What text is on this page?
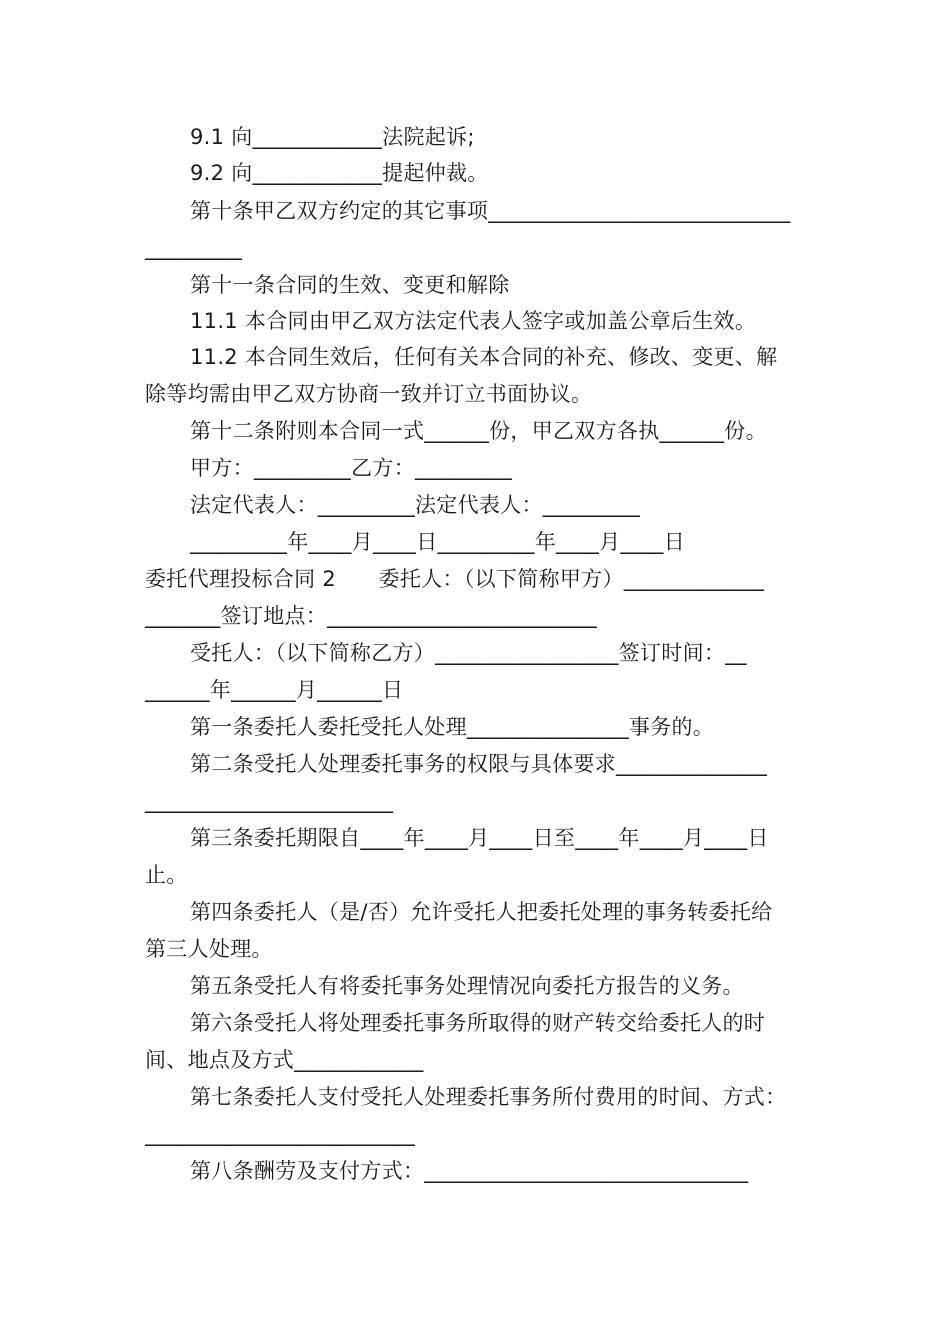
9.1 向____________法院起诉;
9.2 向____________提起仲裁。
第十条甲乙双方约定的其它事项____________________________
_________
第十一条合同的生效、变更和解除
11.1 本合同由甲乙双方法定代表人签字或加盖公章后生效。
11.2 本合同生效后，任何有关本合同的补充、修改、变更、解
除等均需由甲乙双方协商一致并订立书面协议。
第十二条附则本合同一式______份，甲乙双方各执______份。
甲方：_________乙方：_________
法定代表人：_________法定代表人：_________
_________年____月____日_________年____月____日
委托代理投标合同 2　　委托人：（以下简称甲方）_____________
_______签订地点：_________________________
受托人：（以下简称乙方）_________________签订时间：__
______年______月______日
第一条委托人委托受托人处理_______________事务的。
第二条受托人处理委托事务的权限与具体要求______________
_______________________
第三条委托期限自____年____月____日至____年____月____日
止。
第四条委托人（是/否）允许受托人把委托处理的事务转委托给
第三人处理。
第五条受托人有将委托事务处理情况向委托方报告的义务。
第六条受托人将处理委托事务所取得的财产转交给委托人的时
间、地点及方式____________
第七条委托人支付受托人处理委托事务所付费用的时间、方式：
_________________________
第八条酬劳及支付方式：______________________________
